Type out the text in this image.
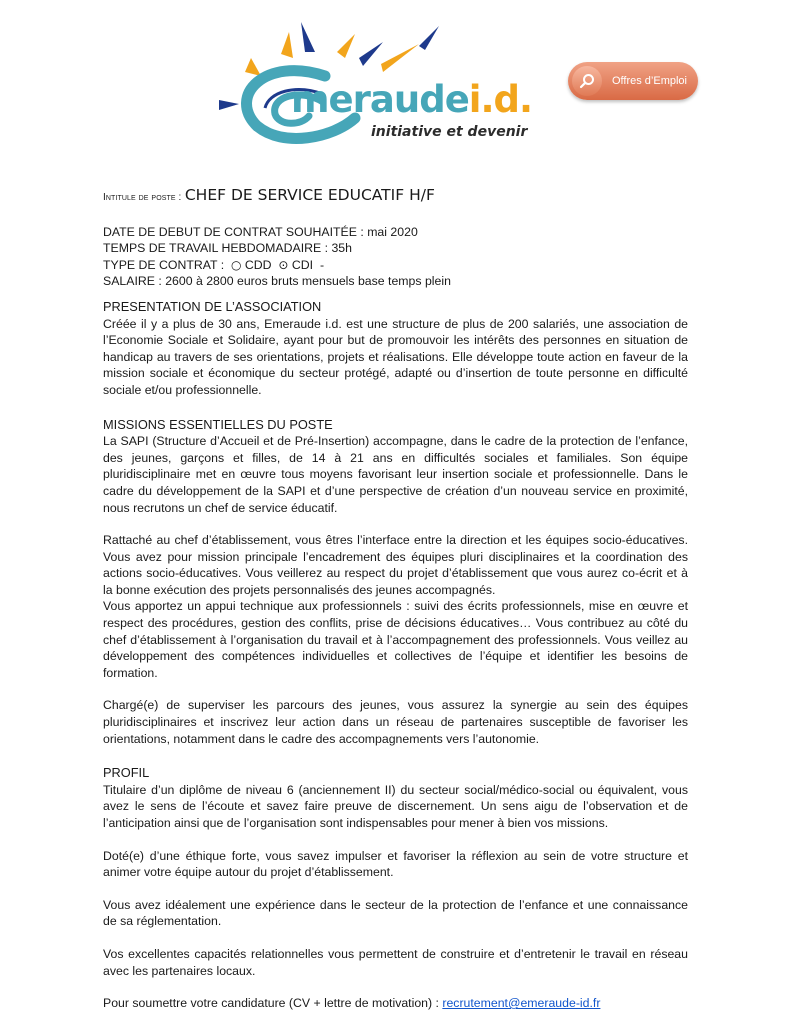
meraudei.d.
initiative et devenir
Offres d’Emploi

Intitule de poste : CHEF DE SERVICE EDUCATIF H/F

DATE DE DEBUT DE CONTRAT SOUHAITÉE : mai 2020

TEMPS DE TRAVAIL HEBDOMADAIRE : 35h

TYPE DE CONTRAT : ○ CDD ⊙ CDI -

SALAIRE : 2600 à 2800 euros bruts mensuels base temps plein

PRESENTATION DE L’ASSOCIATION

Créée il y a plus de 30 ans, Emeraude i.d. est une structure de plus de 200 salariés, une association de l’Economie Sociale et Solidaire, ayant pour but de promouvoir les intérêts des personnes en situation de handicap au travers de ses orientations, projets et réalisations. Elle développe toute action en faveur de la mission sociale et économique du secteur protégé, adapté ou d’insertion de toute personne en difficulté sociale et/ou professionnelle.

MISSIONS ESSENTIELLES DU POSTE

La SAPI (Structure d’Accueil et de Pré-Insertion) accompagne, dans le cadre de la protection de l’enfance, des jeunes, garçons et filles, de 14 à 21 ans en difficultés sociales et familiales. Son équipe pluridisciplinaire met en œuvre tous moyens favorisant leur insertion sociale et professionnelle. Dans le cadre du développement de la SAPI et d’une perspective de création d’un nouveau service en proximité, nous recrutons un chef de service éducatif.

Rattaché au chef d’établissement, vous êtres l’interface entre la direction et les équipes socio-éducatives. Vous avez pour mission principale l’encadrement des équipes pluri disciplinaires et la coordination des actions socio-éducatives. Vous veillerez au respect du projet d’établissement que vous aurez co-écrit et à la bonne exécution des projets personnalisés des jeunes accompagnés.

Vous apportez un appui technique aux professionnels : suivi des écrits professionnels, mise en œuvre et respect des procédures, gestion des conflits, prise de décisions éducatives… Vous contribuez au côté du chef d’établissement à l’organisation du travail et à l’accompagnement des professionnels. Vous veillez au développement des compétences individuelles et collectives de l’équipe et identifier les besoins de formation.

Chargé(e) de superviser les parcours des jeunes, vous assurez la synergie au sein des équipes pluridisciplinaires et inscrivez leur action dans un réseau de partenaires susceptible de favoriser les orientations, notamment dans le cadre des accompagnements vers l’autonomie.

PROFIL

Titulaire d’un diplôme de niveau 6 (anciennement II) du secteur social/médico-social ou équivalent, vous avez le sens de l’écoute et savez faire preuve de discernement. Un sens aigu de l’observation et de l’anticipation ainsi que de l’organisation sont indispensables pour mener à bien vos missions.

Doté(e) d’une éthique forte, vous savez impulser et favoriser la réflexion au sein de votre structure et animer votre équipe autour du projet d’établissement.

Vous avez idéalement une expérience dans le secteur de la protection de l’enfance et une connaissance de sa réglementation.

Vos excellentes capacités relationnelles vous permettent de construire et d’entretenir le travail en réseau avec les partenaires locaux.

Pour soumettre votre candidature (CV + lettre de motivation) : recrutement@emeraude-id.fr
